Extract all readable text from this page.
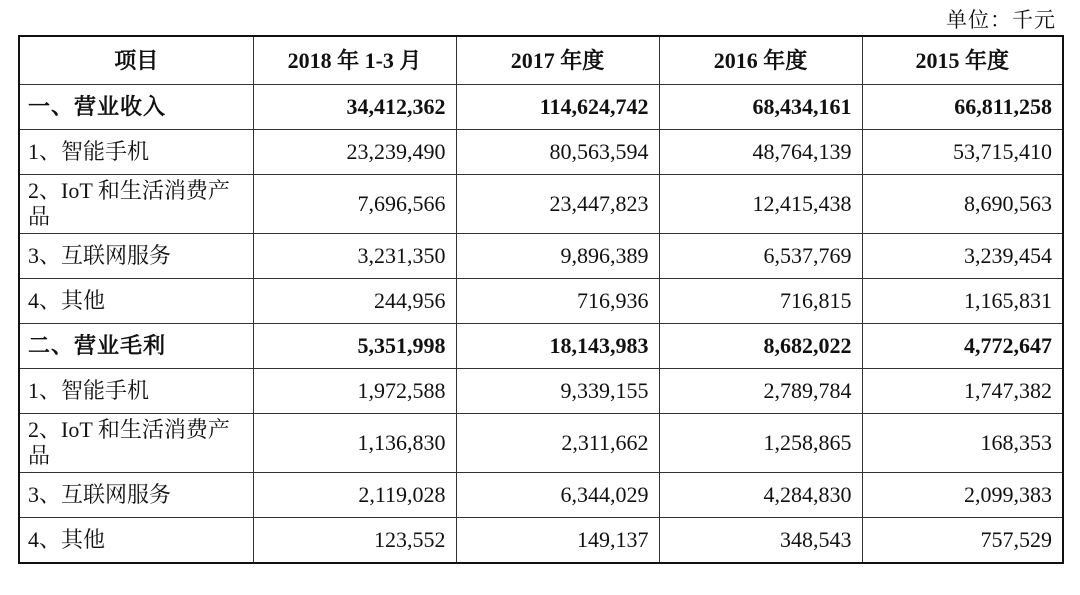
单位：千元
项目	2018 年 1-3 月	2017 年度	2016 年度	2015 年度
一、营业收入	34,412,362	114,624,742	68,434,161	66,811,258
1、智能手机	23,239,490	80,563,594	48,764,139	53,715,410
2、IoT 和生活消费产品	7,696,566	23,447,823	12,415,438	8,690,563
3、互联网服务	3,231,350	9,896,389	6,537,769	3,239,454
4、其他	244,956	716,936	716,815	1,165,831
二、营业毛利	5,351,998	18,143,983	8,682,022	4,772,647
1、智能手机	1,972,588	9,339,155	2,789,784	1,747,382
2、IoT 和生活消费产品	1,136,830	2,311,662	1,258,865	168,353
3、互联网服务	2,119,028	6,344,029	4,284,830	2,099,383
4、其他	123,552	149,137	348,543	757,529
